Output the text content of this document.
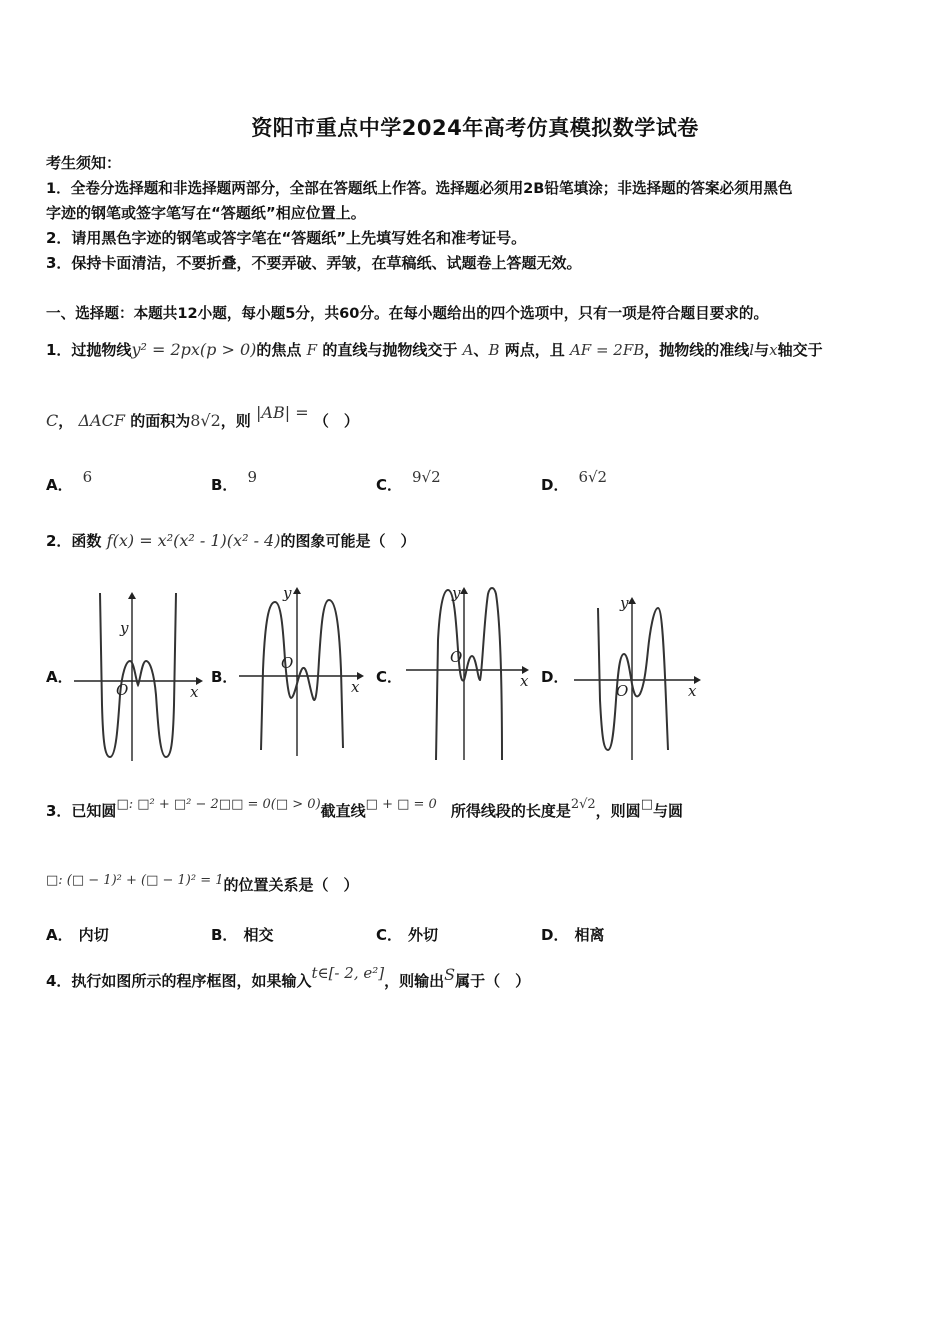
资阳市重点中学2024年高考仿真模拟数学试卷
考生须知：
1．全卷分选择题和非选择题两部分，全部在答题纸上作答。选择题必须用2B铅笔填涂；非选择题的答案必须用黑色
字迹的钢笔或签字笔写在“答题纸”相应位置上。
2．请用黑色字迹的钢笔或答字笔在“答题纸”上先填写姓名和准考证号。
3．保持卡面清洁，不要折叠，不要弄破、弄皱，在草稿纸、试题卷上答题无效。
一、选择题：本题共12小题，每小题5分，共60分。在每小题给出的四个选项中，只有一项是符合题目要求的。
1．过抛物线y² = 2px(p > 0)的焦点 F 的直线与抛物线交于 A、B 两点，且 AF = 2FB，抛物线的准线l与x轴交于
C， ΔACF 的面积为8√2，则 |AB| = （　）
A． 6	B． 9	C． 9√2	D． 6√2
2．函数 f(x) = x²(x² - 1)(x² - 4)的图象可能是（　）
A．	B．	C．	D．
y
O	x
y
O
x
y
O
x
y
O	x
3．已知圆□: □² + □² − 2□□ = 0(□ > 0)截直线□ + □ = 0 所得线段的长度是2√2，则圆□与圆
□: (□ − 1)² + (□ − 1)² = 1的位置关系是（　）
A． 内切	B． 相交	C． 外切	D． 相离
4．执行如图所示的程序框图，如果输入t∈[- 2, e²]，则输出S属于（　）
